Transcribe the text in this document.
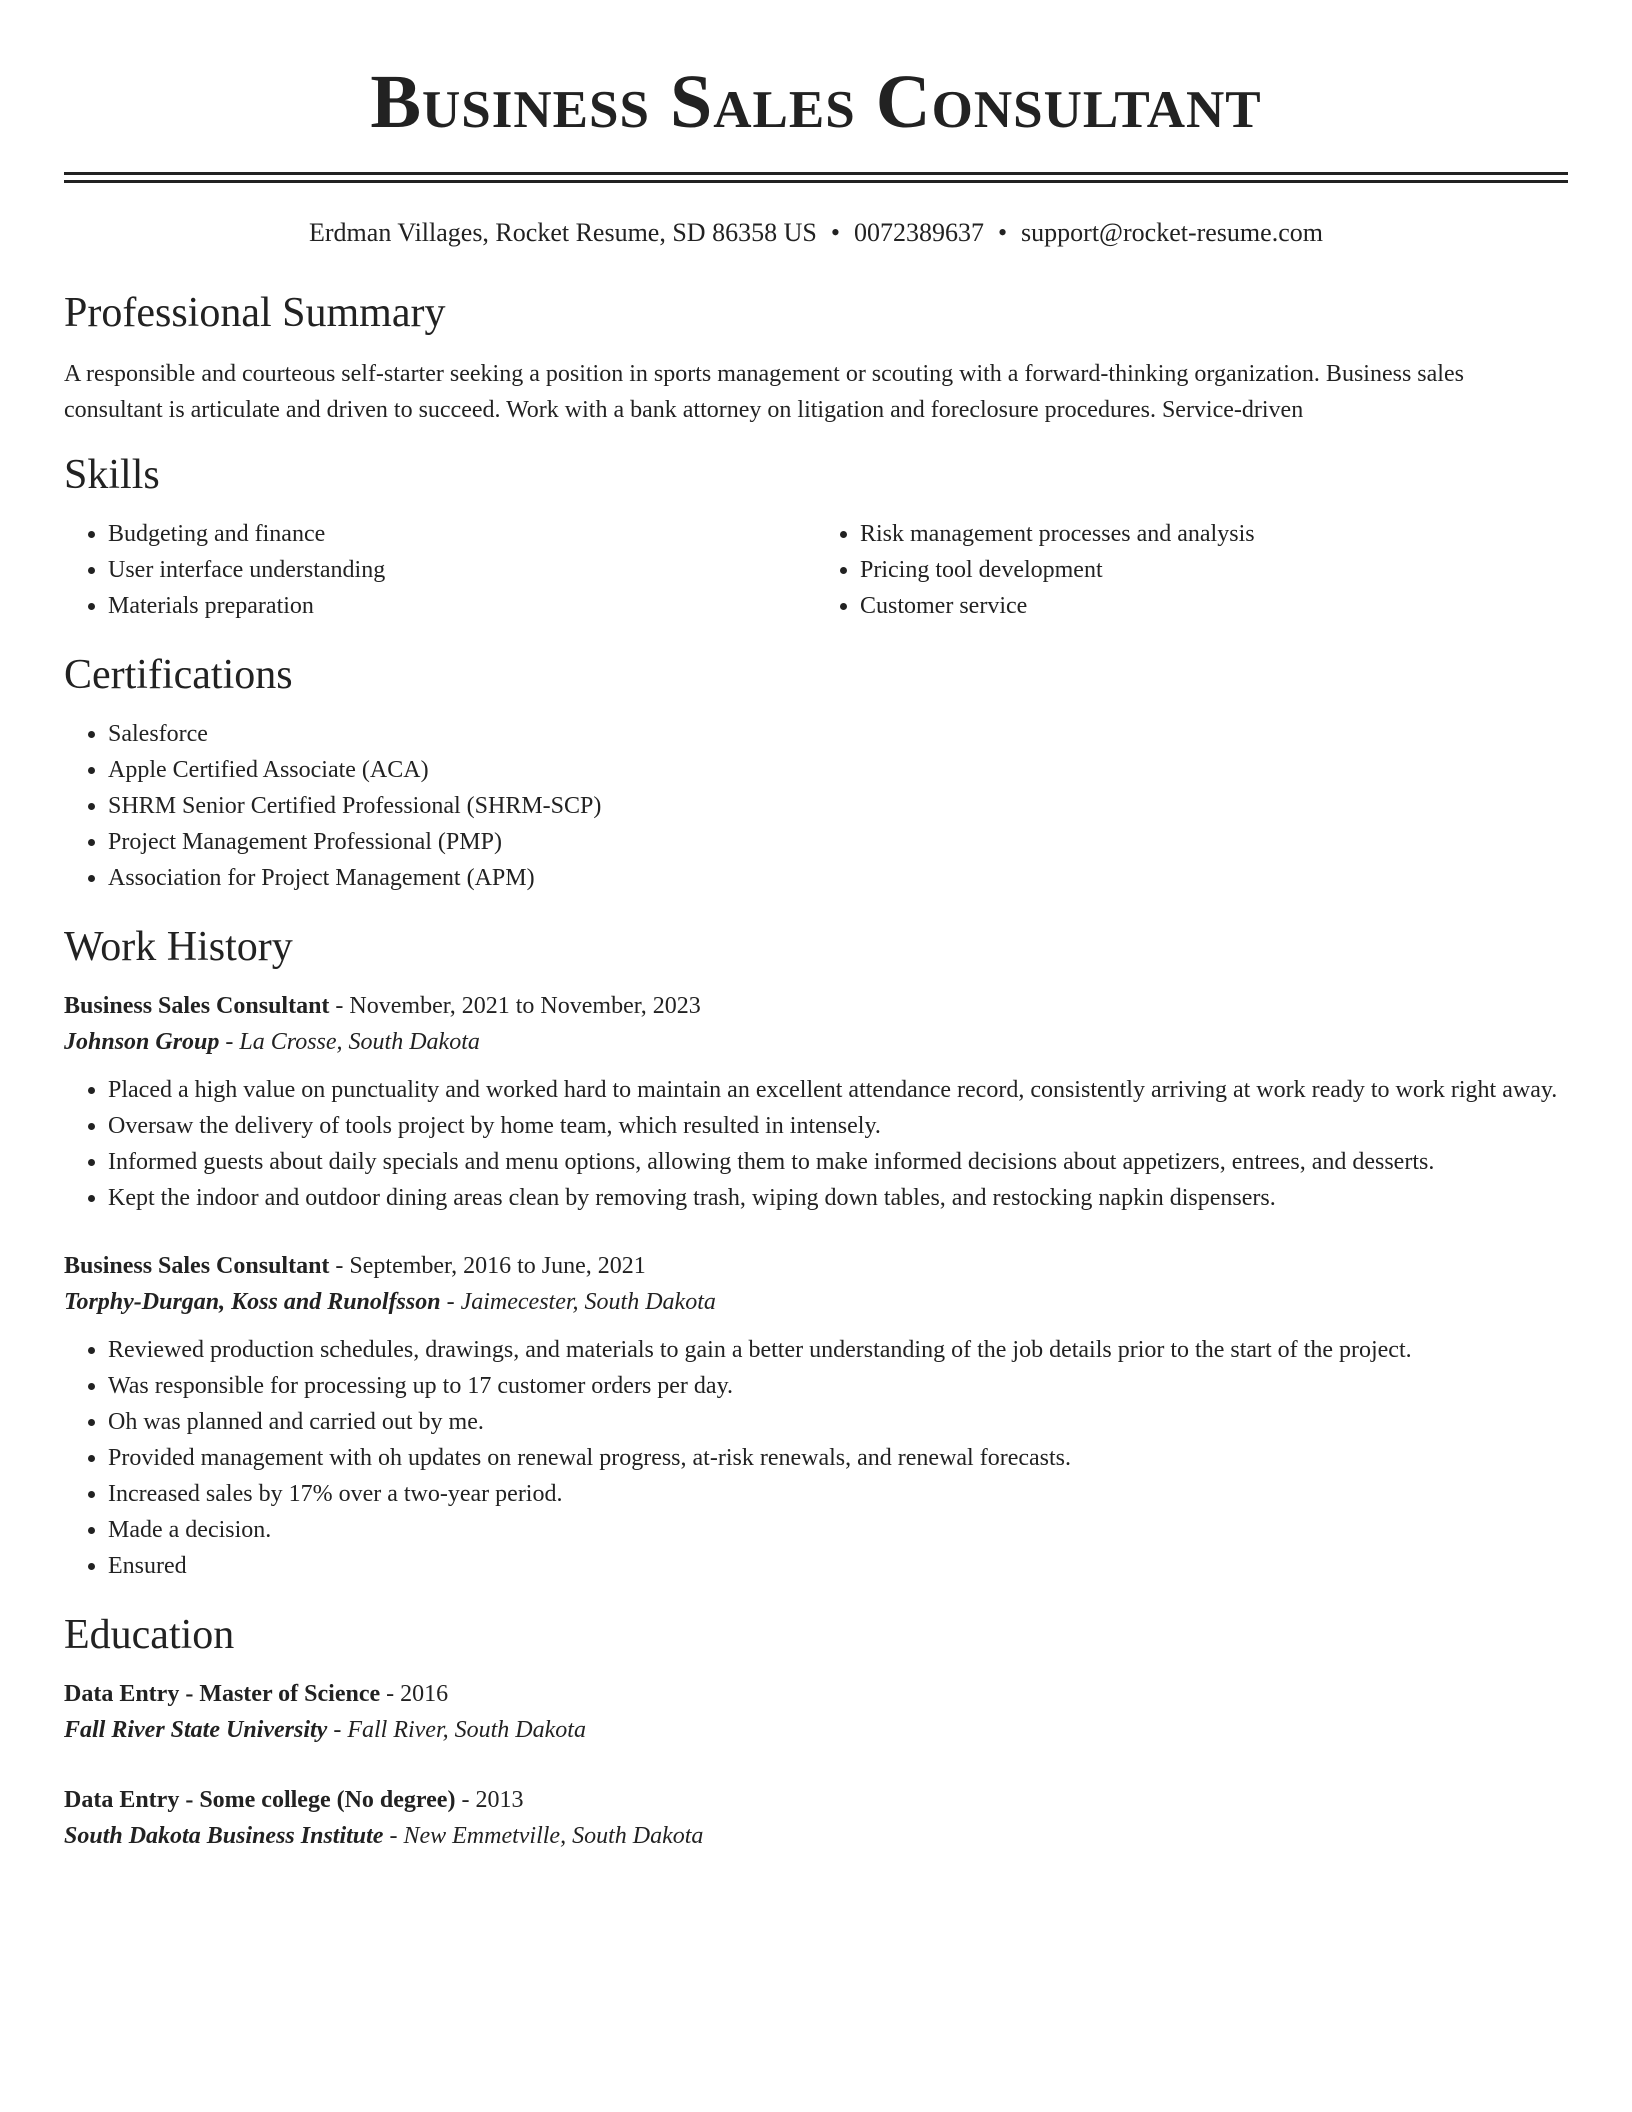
Business Sales Consultant
Erdman Villages, Rocket Resume, SD 86358 US • 0072389637 • support@rocket-resume.com
Professional Summary

A responsible and courteous self-starter seeking a position in sports management or scouting with a forward-thinking organization. Business sales consultant is articulate and driven to succeed. Work with a bank attorney on litigation and foreclosure procedures. Service-driven

Skills
• Budgeting and finance
• User interface understanding
• Materials preparation
• Risk management processes and analysis
• Pricing tool development
• Customer service
Certifications
• Salesforce
• Apple Certified Associate (ACA)
• SHRM Senior Certified Professional (SHRM-SCP)
• Project Management Professional (PMP)
• Association for Project Management (APM)
Work History
Business Sales Consultant - November, 2021 to November, 2023
Johnson Group - La Crosse, South Dakota
• Placed a high value on punctuality and worked hard to maintain an excellent attendance record, consistently arriving at work ready to work right away.
• Oversaw the delivery of tools project by home team, which resulted in intensely.
• Informed guests about daily specials and menu options, allowing them to make informed decisions about appetizers, entrees, and desserts.
• Kept the indoor and outdoor dining areas clean by removing trash, wiping down tables, and restocking napkin dispensers.
Business Sales Consultant - September, 2016 to June, 2021
Torphy-Durgan, Koss and Runolfsson - Jaimecester, South Dakota
• Reviewed production schedules, drawings, and materials to gain a better understanding of the job details prior to the start of the project.
• Was responsible for processing up to 17 customer orders per day.
• Oh was planned and carried out by me.
• Provided management with oh updates on renewal progress, at-risk renewals, and renewal forecasts.
• Increased sales by 17% over a two-year period.
• Made a decision.
• Ensured
Education
Data Entry - Master of Science - 2016
Fall River State University - Fall River, South Dakota
Data Entry - Some college (No degree) - 2013
South Dakota Business Institute - New Emmetville, South Dakota
